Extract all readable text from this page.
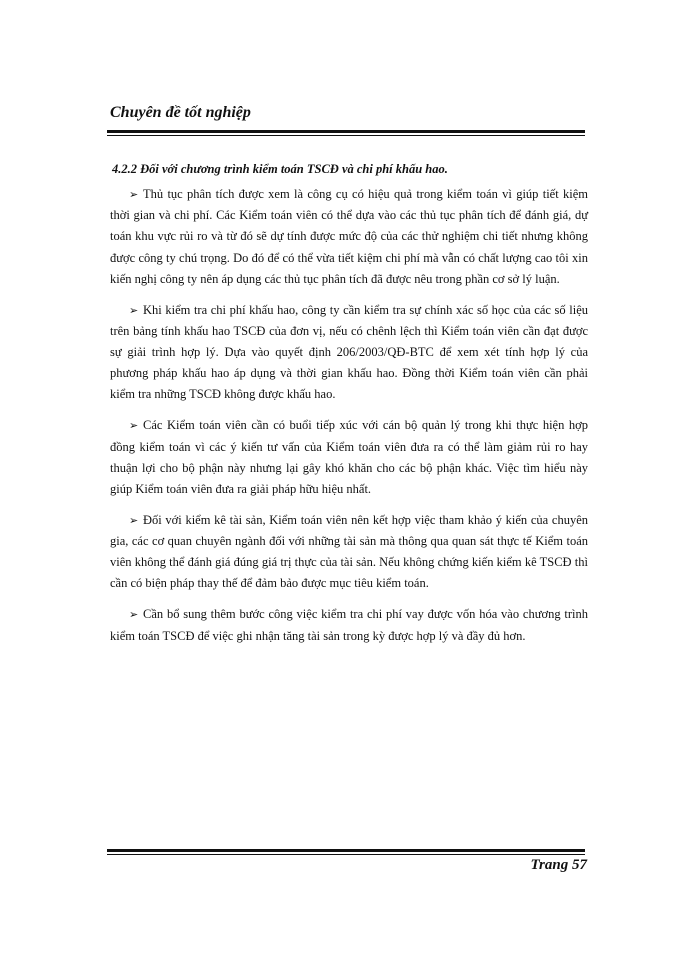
Chuyên đề tốt nghiệp
4.2.2 Đối với chương trình kiểm toán TSCĐ và chi phí khấu hao.

➢ Thủ tục phân tích được xem là công cụ có hiệu quả trong kiểm toán vì giúp tiết kiệm thời gian và chi phí. Các Kiểm toán viên có thể dựa vào các thủ tục phân tích để đánh giá, dự toán khu vực rủi ro và từ đó sẽ dự tính được mức độ của các thử nghiệm chi tiết nhưng không được công ty chú trọng. Do đó để có thể vừa tiết kiệm chi phí mà vẫn có chất lượng cao tôi xin kiến nghị công ty nên áp dụng các thủ tục phân tích đã được nêu trong phần cơ sở lý luận.

➢ Khi kiểm tra chi phí khấu hao, công ty cần kiểm tra sự chính xác số học của các số liệu trên bảng tính khấu hao TSCĐ của đơn vị, nếu có chênh lệch thì Kiểm toán viên cần đạt được sự giải trình hợp lý. Dựa vào quyết định 206/2003/QĐ-BTC để xem xét tính hợp lý của phương pháp khấu hao áp dụng và thời gian khấu hao. Đồng thời Kiểm toán viên cần phải kiểm tra những TSCĐ không được khấu hao.

➢ Các Kiểm toán viên cần có buổi tiếp xúc với cán bộ quản lý trong khi thực hiện hợp đồng kiểm toán vì các ý kiến tư vấn của Kiểm toán viên đưa ra có thể làm giảm rủi ro hay thuận lợi cho bộ phận này nhưng lại gây khó khăn cho các bộ phận khác. Việc tìm hiểu này giúp Kiểm toán viên đưa ra giải pháp hữu hiệu nhất.

➢ Đối với kiểm kê tài sản, Kiểm toán viên nên kết hợp việc tham khảo ý kiến của chuyên gia, các cơ quan chuyên ngành đối với những tài sản mà thông qua quan sát thực tế Kiểm toán viên không thể đánh giá đúng giá trị thực của tài sản. Nếu không chứng kiến kiểm kê TSCĐ thì cần có biện pháp thay thế để đảm bảo được mục tiêu kiểm toán.

➢ Cần bổ sung thêm bước công việc kiểm tra chi phí vay được vốn hóa vào chương trình kiểm toán TSCĐ để việc ghi nhận tăng tài sản trong kỳ được hợp lý và đầy đủ hơn.

Trang 57
